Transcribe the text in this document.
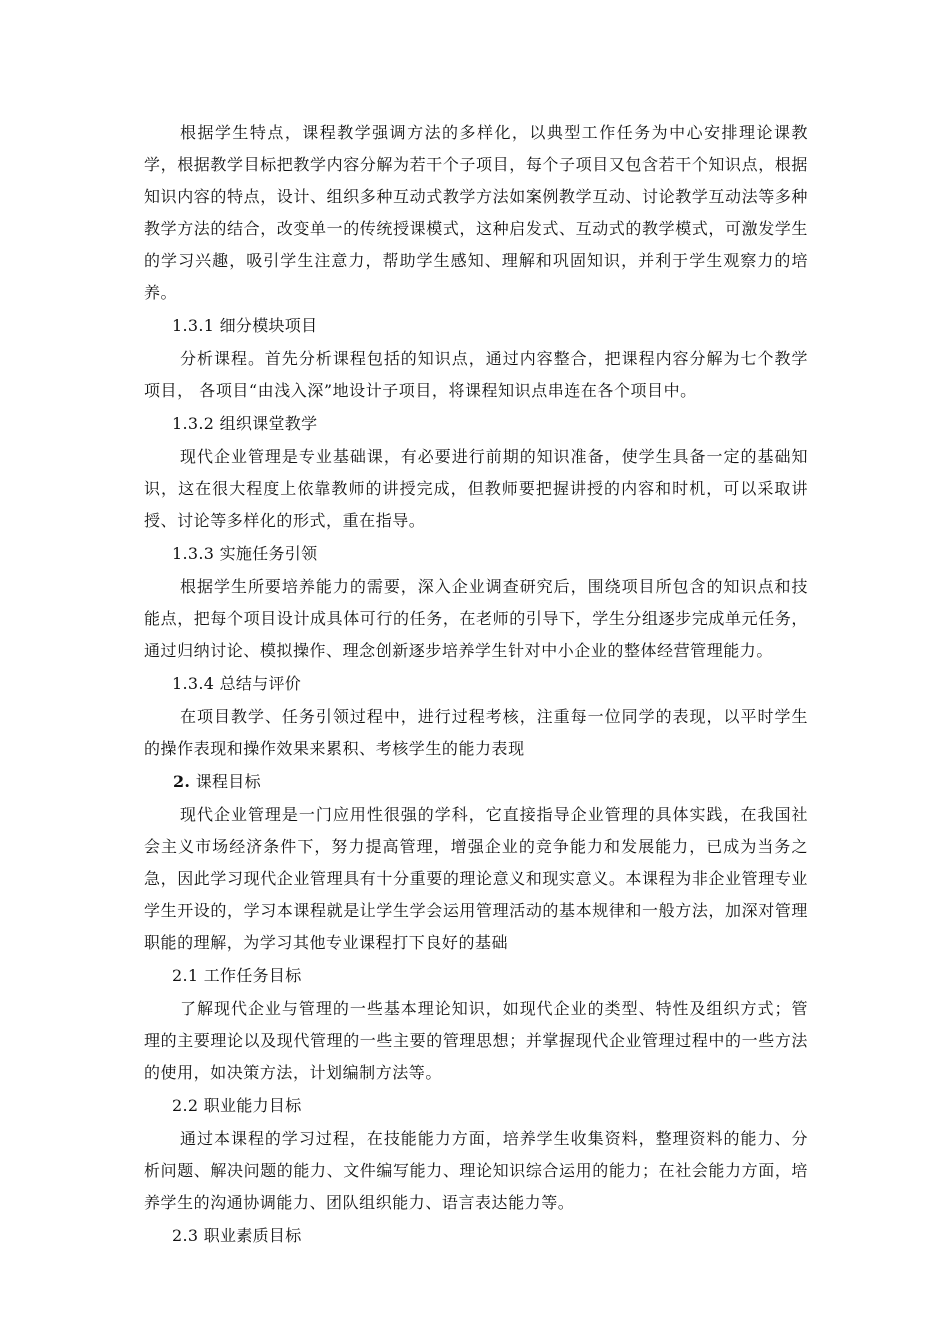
根据学生特点，课程教学强调方法的多样化，以典型工作任务为中心安排理论课教学，根据教学目标把教学内容分解为若干个子项目，每个子项目又包含若干个知识点，根据知识内容的特点，设计、组织多种互动式教学方法如案例教学互动、讨论教学互动法等多种教学方法的结合，改变单一的传统授课模式，这种启发式、互动式的教学模式，可激发学生的学习兴趣，吸引学生注意力，帮助学生感知、理解和巩固知识，并利于学生观察力的培养。

1.3.1 细分模块项目

分析课程。首先分析课程包括的知识点，通过内容整合，把课程内容分解为七个教学项目， 各项目“由浅入深”地设计子项目，将课程知识点串连在各个项目中。

1.3.2 组织课堂教学

现代企业管理是专业基础课，有必要进行前期的知识准备，使学生具备一定的基础知识，这在很大程度上依靠教师的讲授完成，但教师要把握讲授的内容和时机，可以采取讲授、讨论等多样化的形式，重在指导。

1.3.3 实施任务引领

根据学生所要培养能力的需要，深入企业调查研究后，围绕项目所包含的知识点和技能点，把每个项目设计成具体可行的任务，在老师的引导下，学生分组逐步完成单元任务，通过归纳讨论、模拟操作、理念创新逐步培养学生针对中小企业的整体经营管理能力。

1.3.4 总结与评价

在项目教学、任务引领过程中，进行过程考核，注重每一位同学的表现，以平时学生的操作表现和操作效果来累积、考核学生的能力表现

2. 课程目标

现代企业管理是一门应用性很强的学科，它直接指导企业管理的具体实践，在我国社会主义市场经济条件下，努力提高管理，增强企业的竞争能力和发展能力，已成为当务之急，因此学习现代企业管理具有十分重要的理论意义和现实意义。本课程为非企业管理专业学生开设的，学习本课程就是让学生学会运用管理活动的基本规律和一般方法，加深对管理职能的理解，为学习其他专业课程打下良好的基础

2.1 工作任务目标

了解现代企业与管理的一些基本理论知识，如现代企业的类型、特性及组织方式；管理的主要理论以及现代管理的一些主要的管理思想；并掌握现代企业管理过程中的一些方法的使用，如决策方法，计划编制方法等。

2.2 职业能力目标

通过本课程的学习过程，在技能能力方面，培养学生收集资料，整理资料的能力、分析问题、解决问题的能力、文件编写能力、理论知识综合运用的能力；在社会能力方面，培养学生的沟通协调能力、团队组织能力、语言表达能力等。

2.3 职业素质目标
